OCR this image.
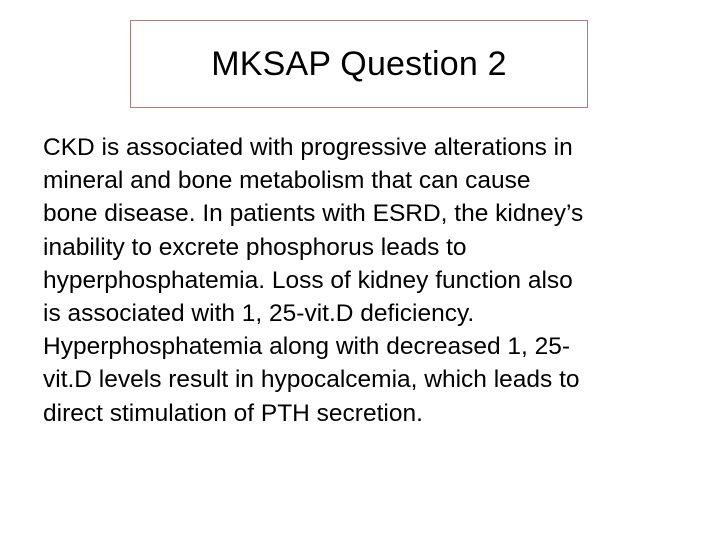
MKSAP Question 2

CKD is associated with progressive alterations in
mineral and bone metabolism that can cause
bone disease. In patients with ESRD, the kidney’s
inability to excrete phosphorus leads to
hyperphosphatemia. Loss of kidney function also
is associated with 1, 25-vit.D deficiency.
Hyperphosphatemia along with decreased 1, 25-
vit.D levels result in hypocalcemia, which leads to
direct stimulation of PTH secretion.
